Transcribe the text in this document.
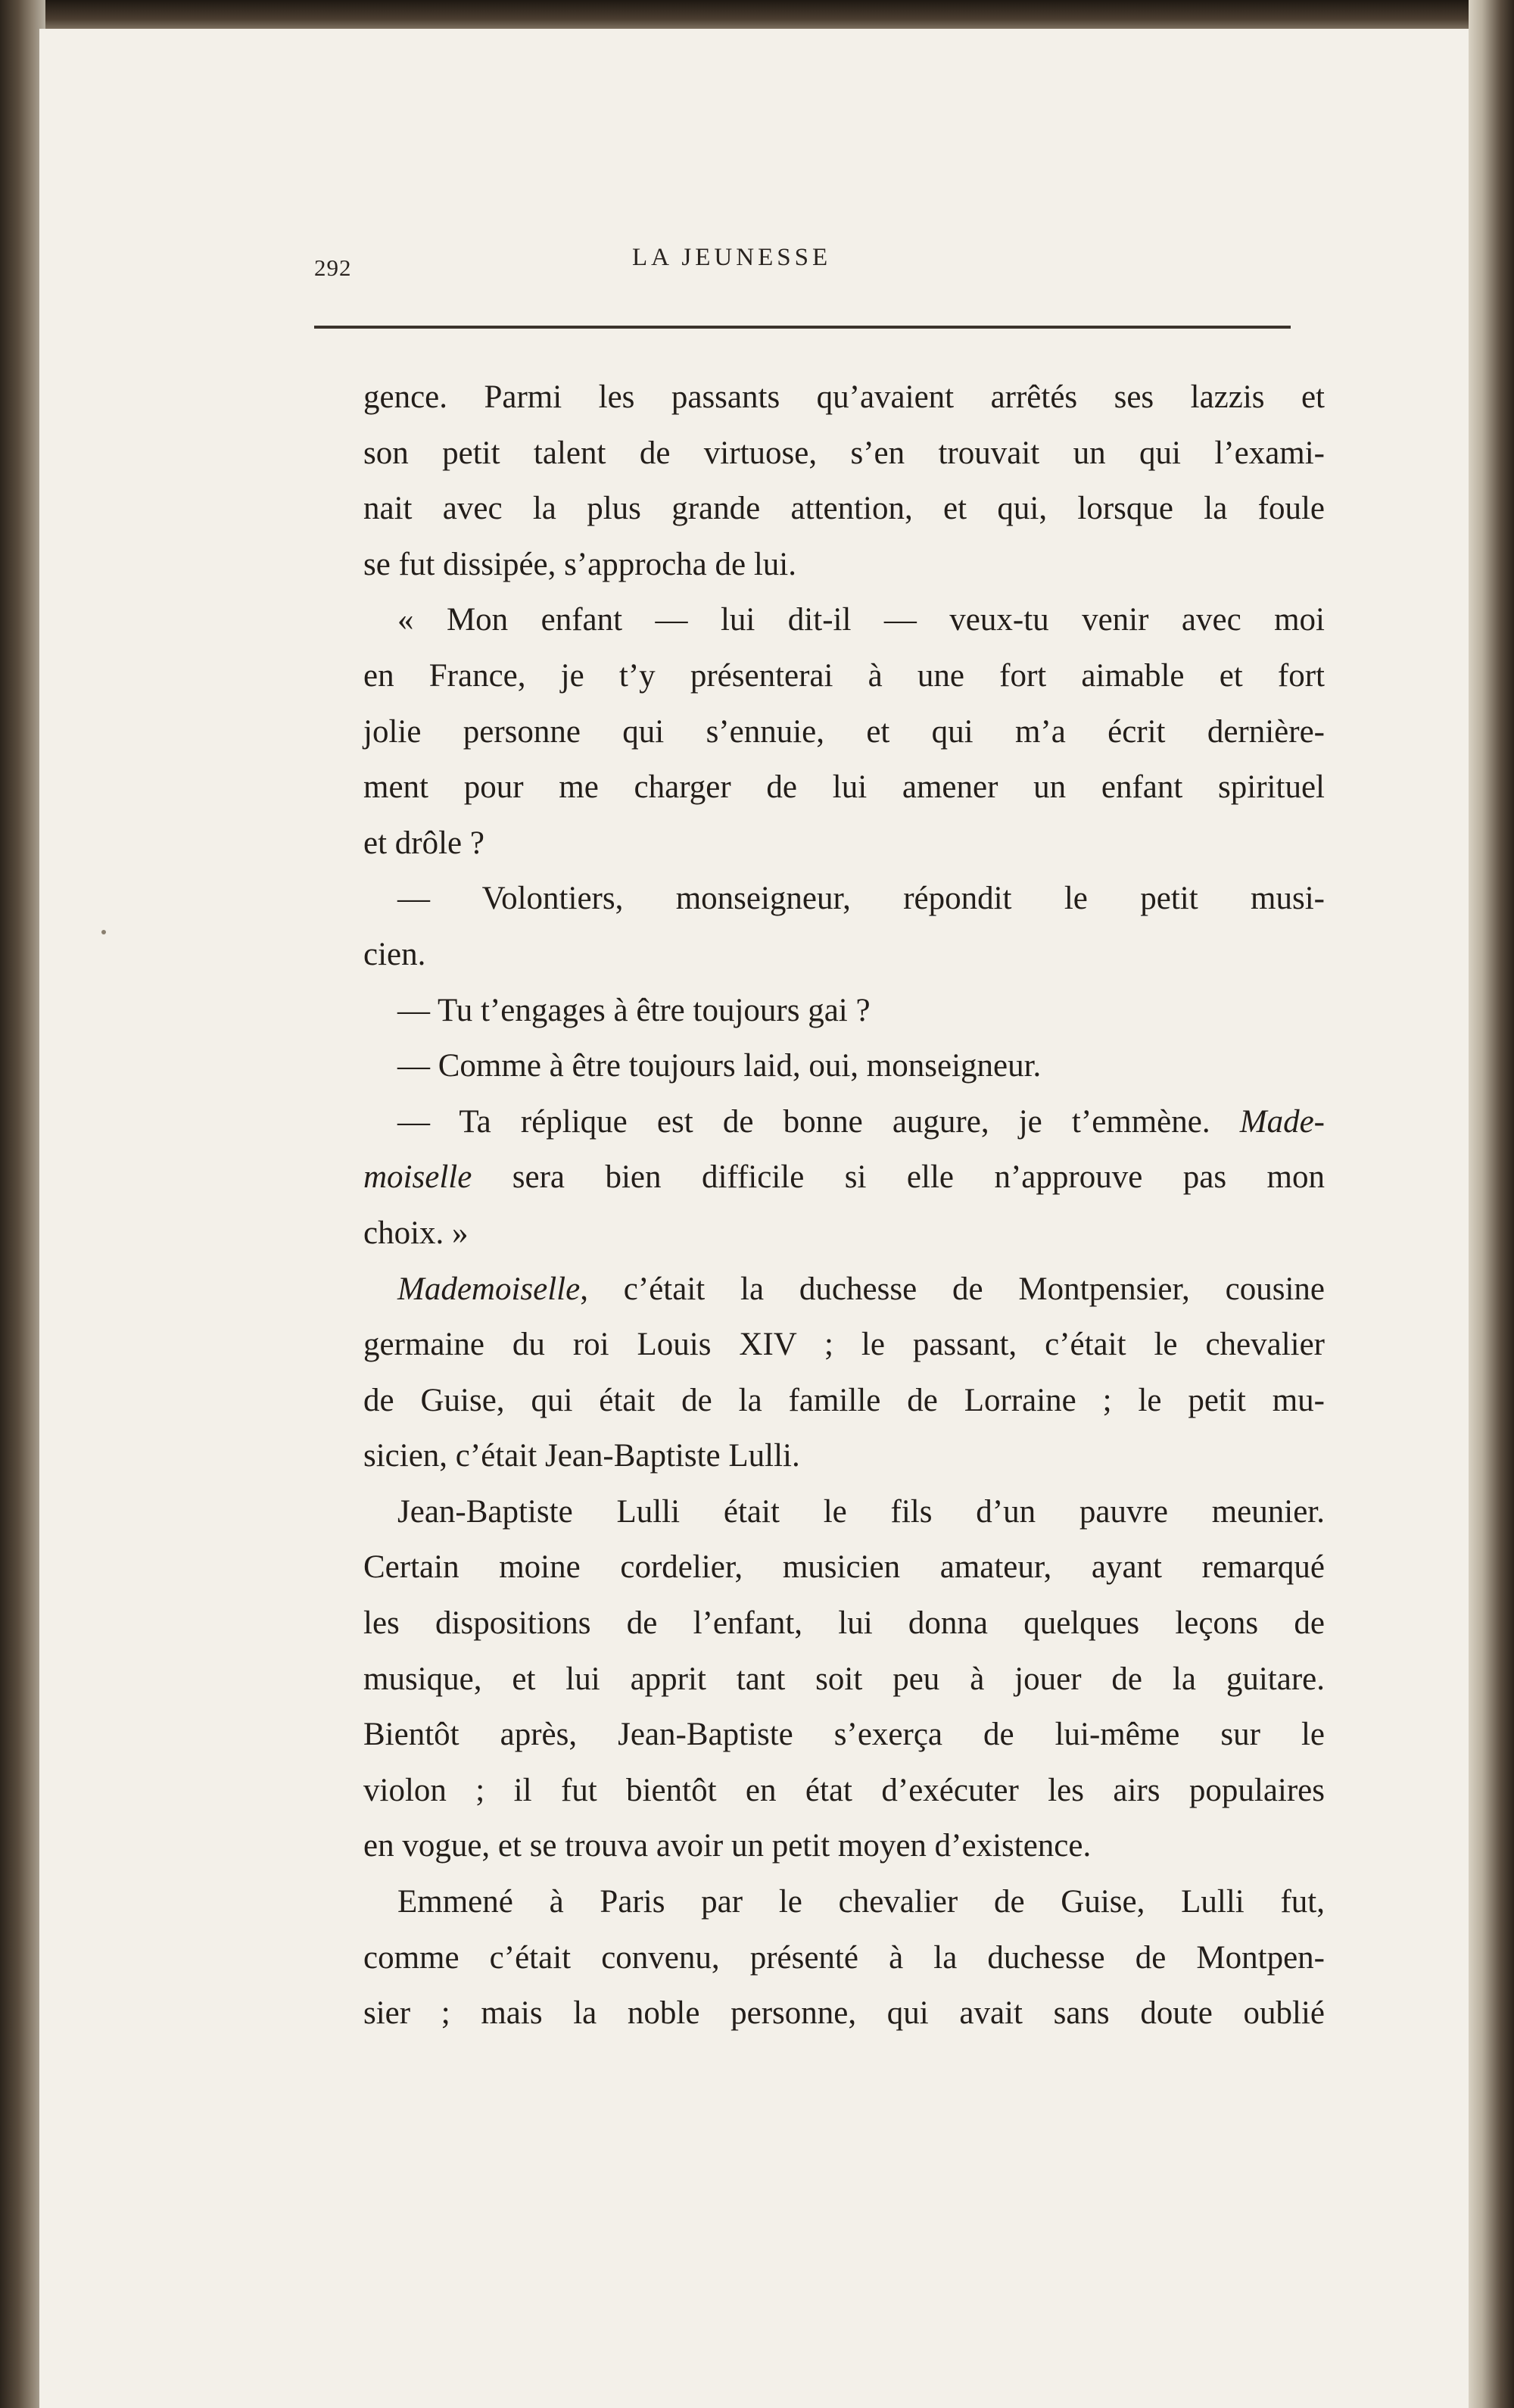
292	LA JEUNESSE
gence. Parmi les passants qu’avaient arrêtés ses lazzis et
son petit talent de virtuose, s’en trouvait un qui l’exami-
nait avec la plus grande attention, et qui, lorsque la foule
se fut dissipée, s’approcha de lui.
« Mon enfant — lui dit-il — veux-tu venir avec moi
en France, je t’y présenterai à une fort aimable et fort
jolie personne qui s’ennuie, et qui m’a écrit dernière-
ment pour me charger de lui amener un enfant spirituel
et drôle ?
— Volontiers, monseigneur, répondit le petit musi-
cien.
— Tu t’engages à être toujours gai ?
— Comme à être toujours laid, oui, monseigneur.
— Ta réplique est de bonne augure, je t’emmène. Made-
moiselle sera bien difficile si elle n’approuve pas mon
choix. »
Mademoiselle, c’était la duchesse de Montpensier, cousine
germaine du roi Louis XIV ; le passant, c’était le chevalier
de Guise, qui était de la famille de Lorraine ; le petit mu-
sicien, c’était Jean-Baptiste Lulli.
Jean-Baptiste Lulli était le fils d’un pauvre meunier.
Certain moine cordelier, musicien amateur, ayant remarqué
les dispositions de l’enfant, lui donna quelques leçons de
musique, et lui apprit tant soit peu à jouer de la guitare.
Bientôt après, Jean-Baptiste s’exerça de lui-même sur le
violon ; il fut bientôt en état d’exécuter les airs populaires
en vogue, et se trouva avoir un petit moyen d’existence.
Emmené à Paris par le chevalier de Guise, Lulli fut,
comme c’était convenu, présenté à la duchesse de Montpen-
sier ; mais la noble personne, qui avait sans doute oublié
